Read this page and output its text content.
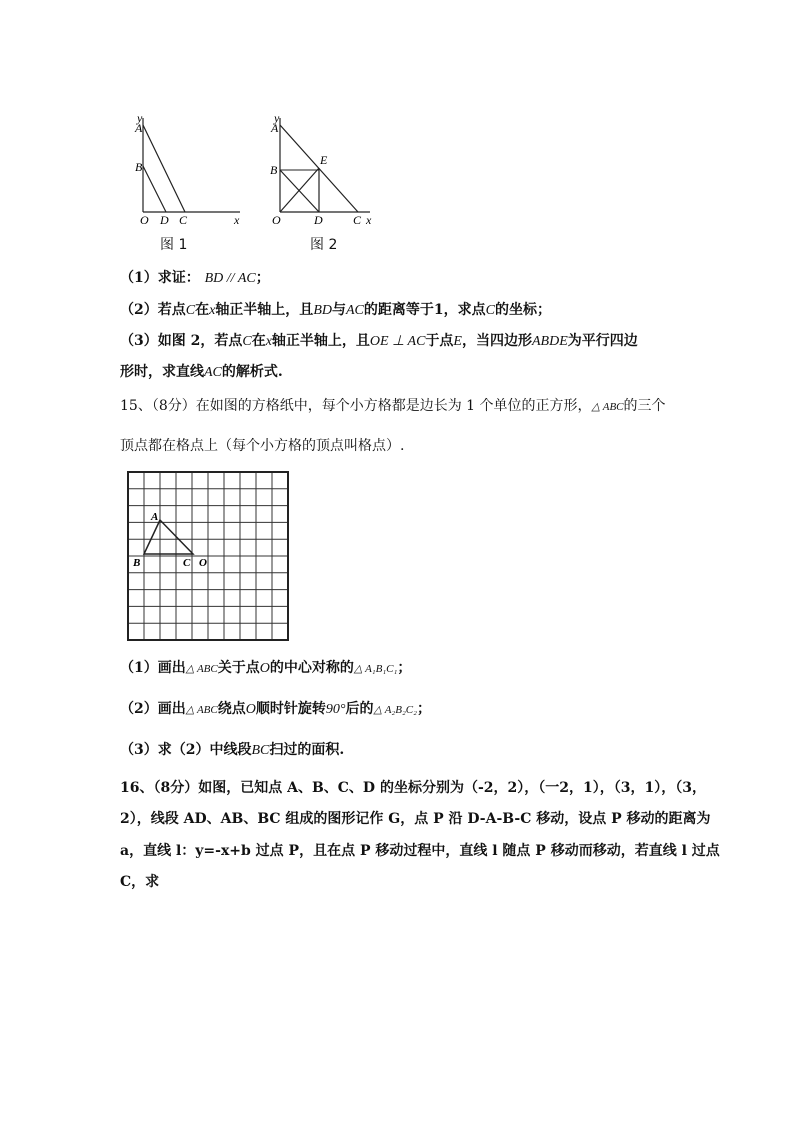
y
A
B
O D C	x
图 1
y
A
B
E
O	D	C x
图 2
（1）求证： BD // AC；
（2）若点C在x轴正半轴上，且BD与AC的距离等于1，求点C的坐标；
（3）如图 2，若点C在x轴正半轴上，且OE ⊥ AC于点E，当四边形ABDE为平行四边
形时，求直线AC的解析式.
15、（8分）在如图的方格纸中，每个小方格都是边长为 1 个单位的正方形，△ ABC的三个
顶点都在格点上（每个小方格的顶点叫格点）.
A
B	C O
（1）画出△ ABC关于点O的中心对称的△ A₁B₁C₁；
（2）画出△ ABC绕点O顺时针旋转90°后的△ A₂B₂C₂；
（3）求（2）中线段BC扫过的面积.
16、（8分）如图，已知点 A、B、C、D 的坐标分别为（-2，2），（一2，1），（3，1），（3，
2），线段 AD、AB、BC 组成的图形记作 G，点 P 沿 D-A-B-C 移动，设点 P 移动的距离为
a，直线 l：y=-x+b 过点 P，且在点 P 移动过程中，直线 l 随点 P 移动而移动，若直线 l 过点
C，求
